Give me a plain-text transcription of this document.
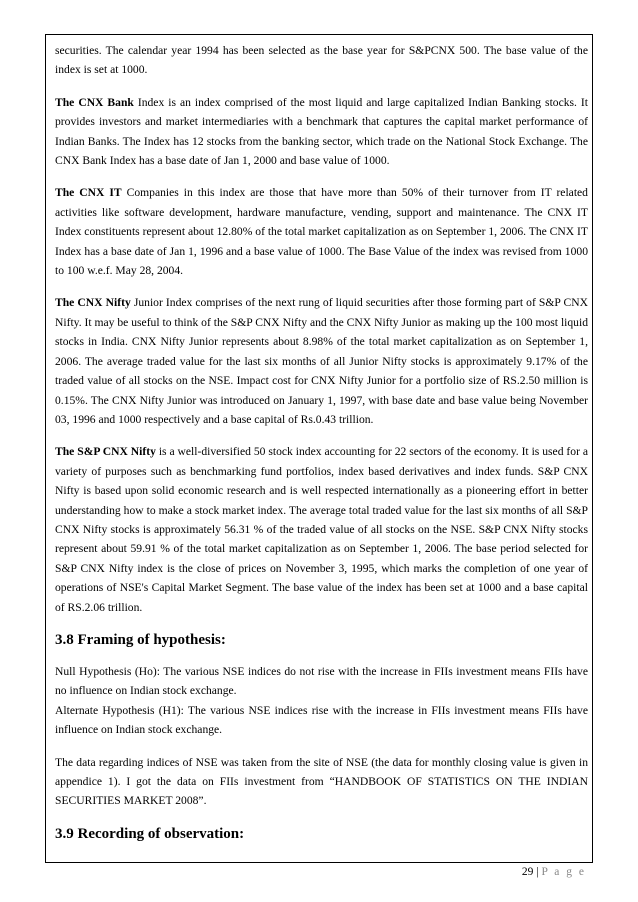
securities. The calendar year 1994 has been selected as the base year for S&PCNX 500. The base value of the index is set at 1000.

The CNX Bank Index is an index comprised of the most liquid and large capitalized Indian Banking stocks. It provides investors and market intermediaries with a benchmark that captures the capital market performance of Indian Banks. The Index has 12 stocks from the banking sector, which trade on the National Stock Exchange. The CNX Bank Index has a base date of Jan 1, 2000 and base value of 1000.

The CNX IT Companies in this index are those that have more than 50% of their turnover from IT related activities like software development, hardware manufacture, vending, support and maintenance. The CNX IT Index constituents represent about 12.80% of the total market capitalization as on September 1, 2006. The CNX IT Index has a base date of Jan 1, 1996 and a base value of 1000. The Base Value of the index was revised from 1000 to 100 w.e.f. May 28, 2004.

The CNX Nifty Junior Index comprises of the next rung of liquid securities after those forming part of S&P CNX Nifty. It may be useful to think of the S&P CNX Nifty and the CNX Nifty Junior as making up the 100 most liquid stocks in India. CNX Nifty Junior represents about 8.98% of the total market capitalization as on September 1, 2006. The average traded value for the last six months of all Junior Nifty stocks is approximately 9.17% of the traded value of all stocks on the NSE. Impact cost for CNX Nifty Junior for a portfolio size of RS.2.50 million is 0.15%. The CNX Nifty Junior was introduced on January 1, 1997, with base date and base value being November 03, 1996 and 1000 respectively and a base capital of Rs.0.43 trillion.

The S&P CNX Nifty is a well-diversified 50 stock index accounting for 22 sectors of the economy. It is used for a variety of purposes such as benchmarking fund portfolios, index based derivatives and index funds. S&P CNX Nifty is based upon solid economic research and is well respected internationally as a pioneering effort in better understanding how to make a stock market index. The average total traded value for the last six months of all S&P CNX Nifty stocks is approximately 56.31 % of the traded value of all stocks on the NSE. S&P CNX Nifty stocks represent about 59.91 % of the total market capitalization as on September 1, 2006. The base period selected for S&P CNX Nifty index is the close of prices on November 3, 1995, which marks the completion of one year of operations of NSE's Capital Market Segment. The base value of the index has been set at 1000 and a base capital of RS.2.06 trillion.

3.8 Framing of hypothesis:

Null Hypothesis (Ho): The various NSE indices do not rise with the increase in FIIs investment means FIIs have no influence on Indian stock exchange.

Alternate Hypothesis (H1): The various NSE indices rise with the increase in FIIs investment means FIIs have influence on Indian stock exchange.

The data regarding indices of NSE was taken from the site of NSE (the data for monthly closing value is given in appendice 1). I got the data on FIIs investment from “HANDBOOK OF STATISTICS ON THE INDIAN SECURITIES MARKET 2008”.

3.9 Recording of observation:
29 | P a g e
